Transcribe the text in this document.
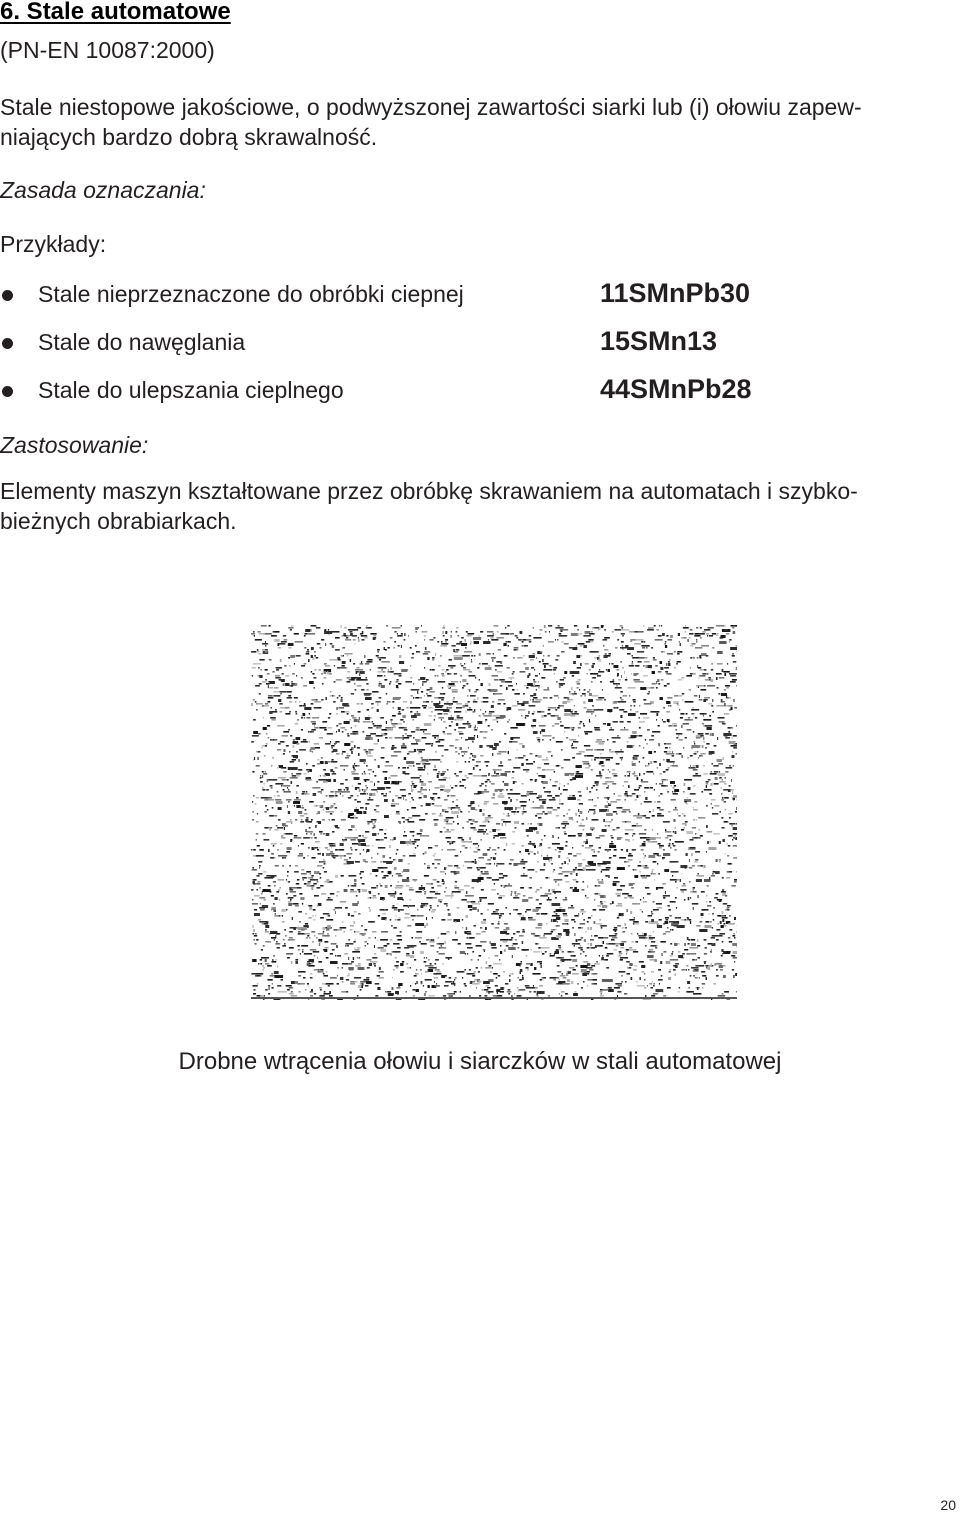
6. Stale automatowe
(PN-EN 10087:2000)
Stale niestopowe jakościowe, o podwyższonej zawartości siarki lub (i) ołowiu zapew-
niających bardzo dobrą skrawalność.
Zasada oznaczania:
Przykłady:
Stale nieprzeznaczone do obróbki ciepnej	11SMnPb30
Stale do nawęglania	15SMn13
Stale do ulepszania cieplnego	44SMnPb28
Zastosowanie:
Elementy maszyn kształtowane przez obróbkę skrawaniem na automatach i szybko-
bieżnych obrabiarkach.
Drobne wtrącenia ołowiu i siarczków w stali automatowej
20
